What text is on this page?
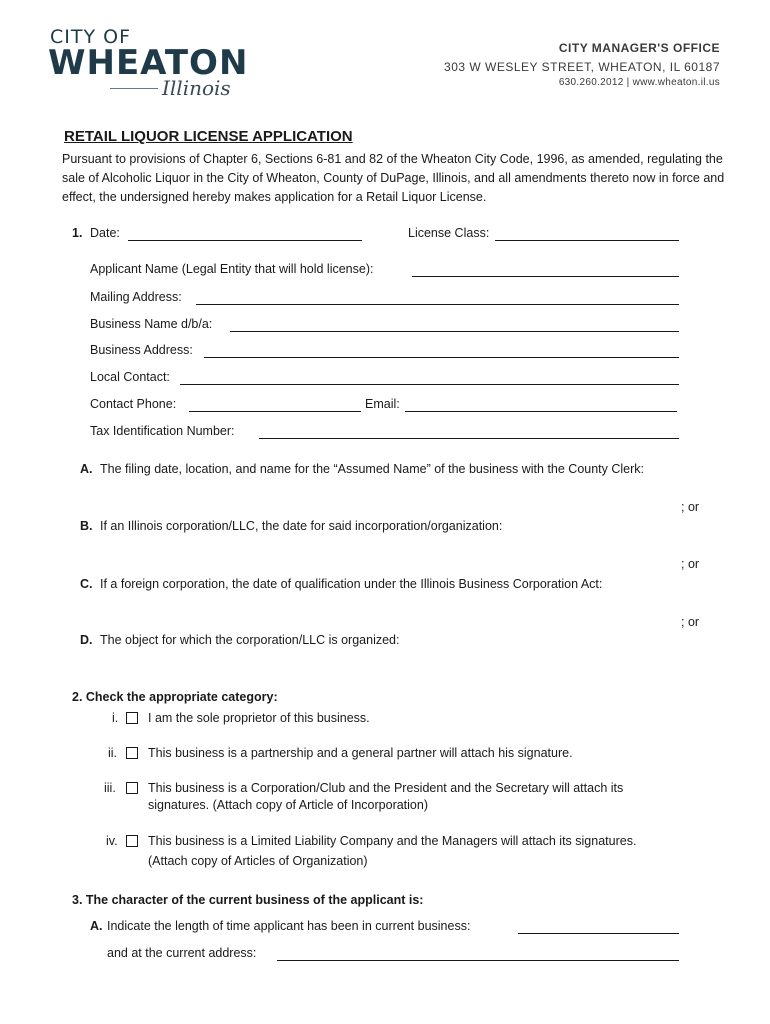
CITY OF
WHEATON
Illinois
CITY MANAGER'S OFFICE
303 W WESLEY STREET, WHEATON, IL 60187
630.260.2012 | www.wheaton.il.us
RETAIL LIQUOR LICENSE APPLICATION
Pursuant to provisions of Chapter 6, Sections 6-81 and 82 of the Wheaton City Code, 1996, as amended, regulating the sale of Alcoholic Liquor in the City of Wheaton, County of DuPage, Illinois, and all amendments thereto now in force and effect, the undersigned hereby makes application for a Retail Liquor License.
1. Date:	License Class:
Applicant Name (Legal Entity that will hold license):
Mailing Address:
Business Name d/b/a:
Business Address:
Local Contact:
Contact Phone:	Email:
Tax Identification Number:
A. The filing date, location, and name for the “Assumed Name” of the business with the County Clerk:
; or
B. If an Illinois corporation/LLC, the date for said incorporation/organization:
; or
C. If a foreign corporation, the date of qualification under the Illinois Business Corporation Act:
; or
D. The object for which the corporation/LLC is organized:
2. Check the appropriate category:
i. I am the sole proprietor of this business.
ii. This business is a partnership and a general partner will attach his signature.
iii.	This business is a Corporation/Club and the President and the Secretary will attach its
signatures. (Attach copy of Article of Incorporation)
iv. This business is a Limited Liability Company and the Managers will attach its signatures.
(Attach copy of Articles of Organization)
3. The character of the current business of the applicant is:
A. Indicate the length of time applicant has been in current business:
and at the current address:
